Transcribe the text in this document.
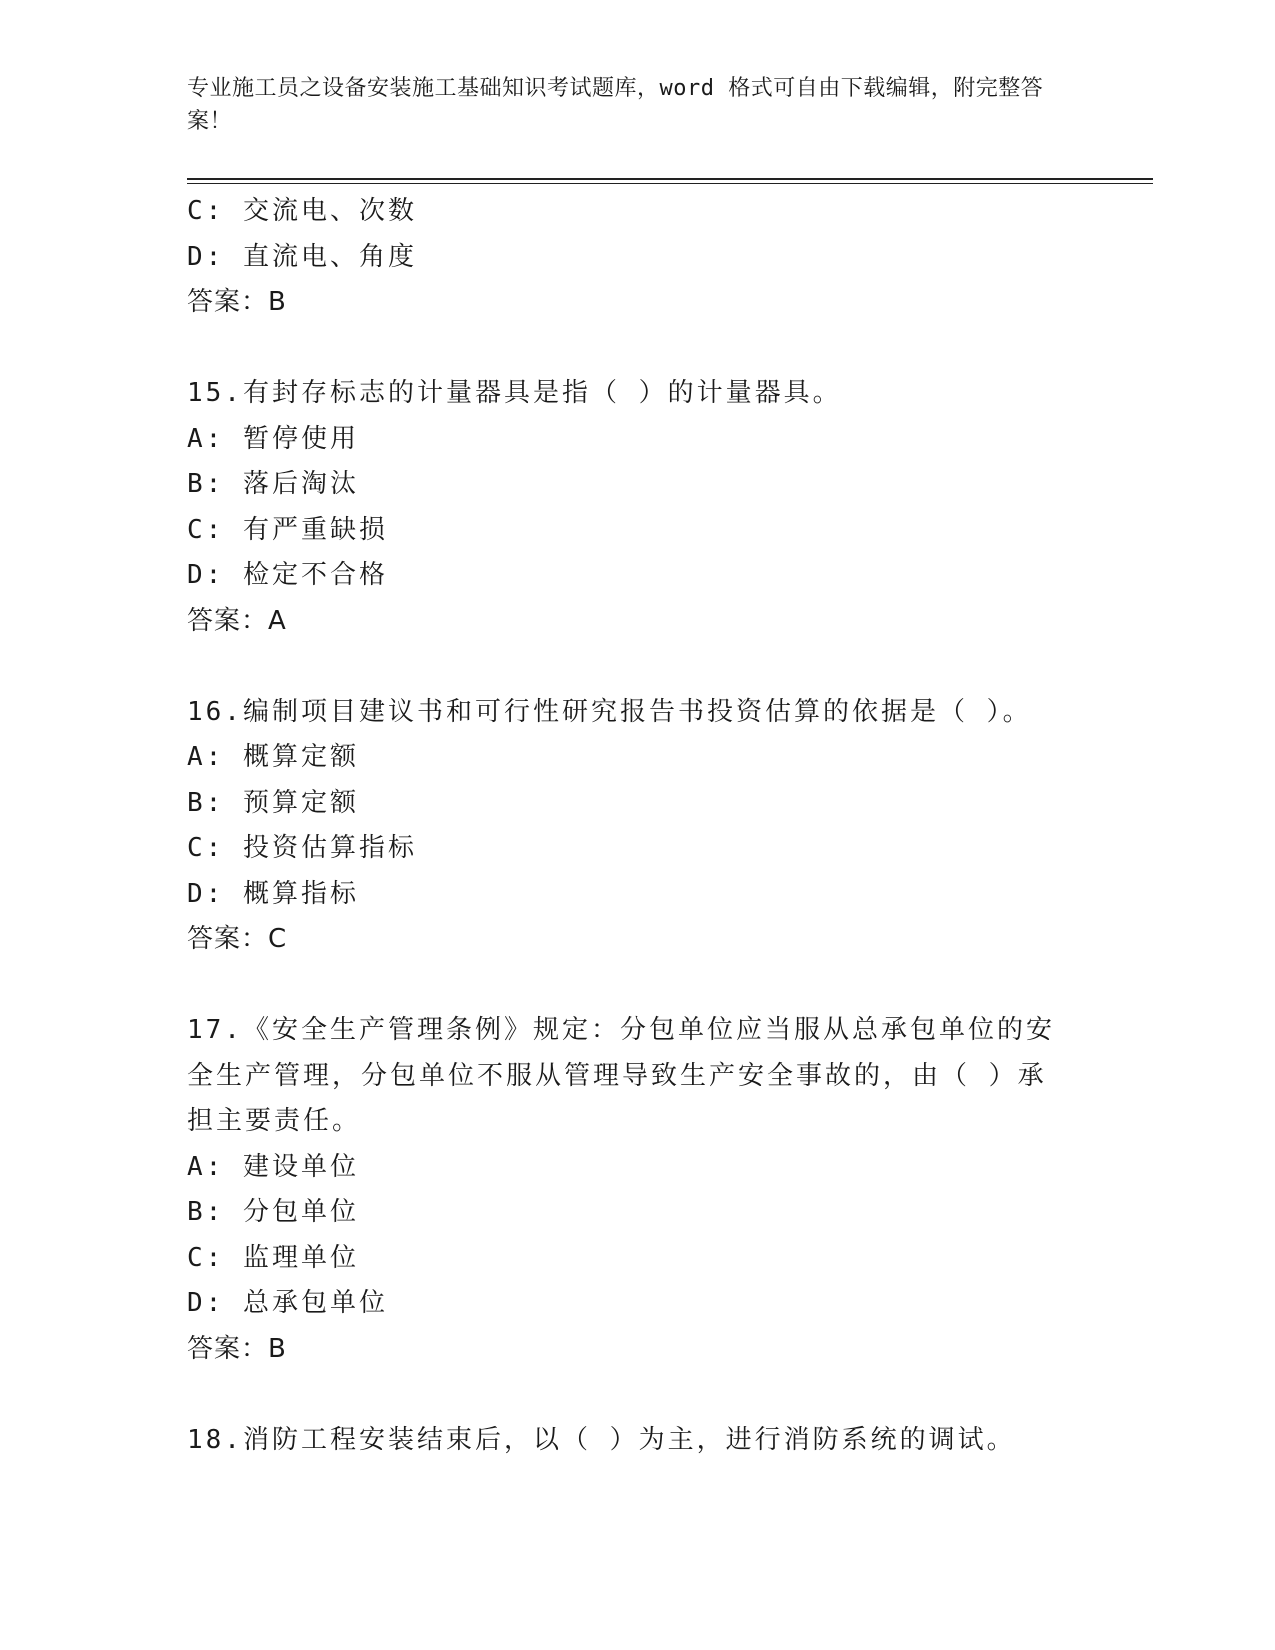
专业施工员之设备安装施工基础知识考试题库，word 格式可自由下载编辑，附完整答案！
C: 交流电、次数
D: 直流电、角度
答案：B
15.有封存标志的计量器具是指（ ）的计量器具。
A: 暂停使用
B: 落后淘汰
C: 有严重缺损
D: 检定不合格
答案：A
16.编制项目建议书和可行性研究报告书投资估算的依据是（ ）。
A: 概算定额
B: 预算定额
C: 投资估算指标
D: 概算指标
答案：C
17.《安全生产管理条例》规定：分包单位应当服从总承包单位的安全生产管理，分包单位不服从管理导致生产安全事故的，由（ ）承担主要责任。
A: 建设单位
B: 分包单位
C: 监理单位
D: 总承包单位
答案：B
18.消防工程安装结束后，以（ ）为主，进行消防系统的调试。
